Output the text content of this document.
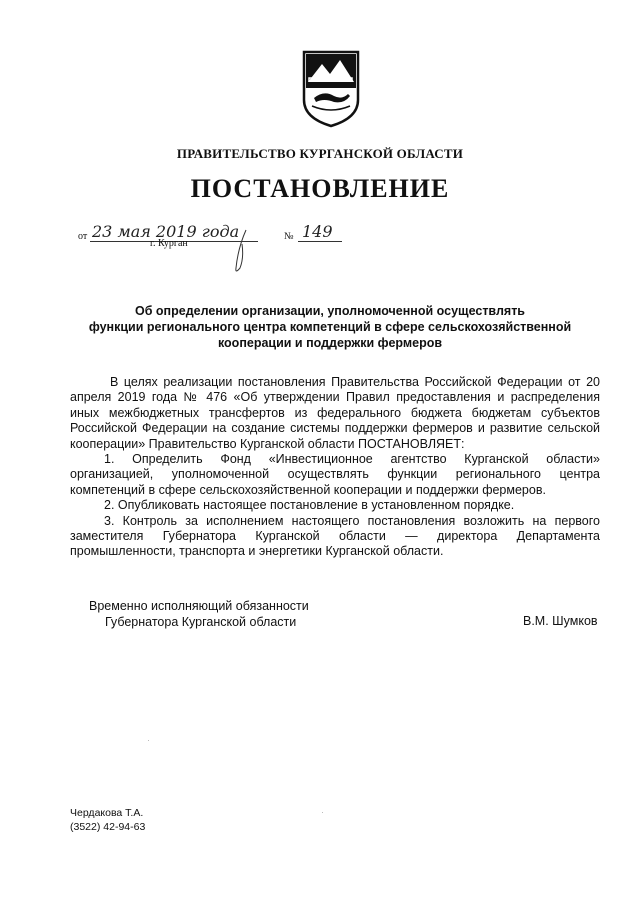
ПРАВИТЕЛЬСТВО КУРГАНСКОЙ ОБЛАСТИ
ПОСТАНОВЛЕНИЕ
от 23 мая 2019 года	№ 149
г. Курган
Об определении организации, уполномоченной осуществлять
функции регионального центра компетенций в сфере сельскохозяйственной
кооперации и поддержки фермеров

В целях реализации постановления Правительства Российской Федерации от 20 апреля 2019 года № 476 «Об утверждении Правил предоставления и распределения иных межбюджетных трансфертов из федерального бюджета бюджетам субъектов Российской Федерации на создание системы поддержки фермеров и развитие сельской кооперации» Правительство Курганской области ПОСТАНОВЛЯЕТ:

1. Определить Фонд «Инвестиционное агентство Курганской области» организацией, уполномоченной осуществлять функции регионального центра компетенций в сфере сельскохозяйственной кооперации и поддержки фермеров.

2. Опубликовать настоящее постановление в установленном порядке.

3. Контроль за исполнением настоящего постановления возложить на первого заместителя Губернатора Курганской области — директора Департамента промышленности, транспорта и энергетики Курганской области.

Временно исполняющий обязанности
Губернатора Курганской области	В.М. Шумков
Чердакова Т.А.
(3522) 42-94-63
